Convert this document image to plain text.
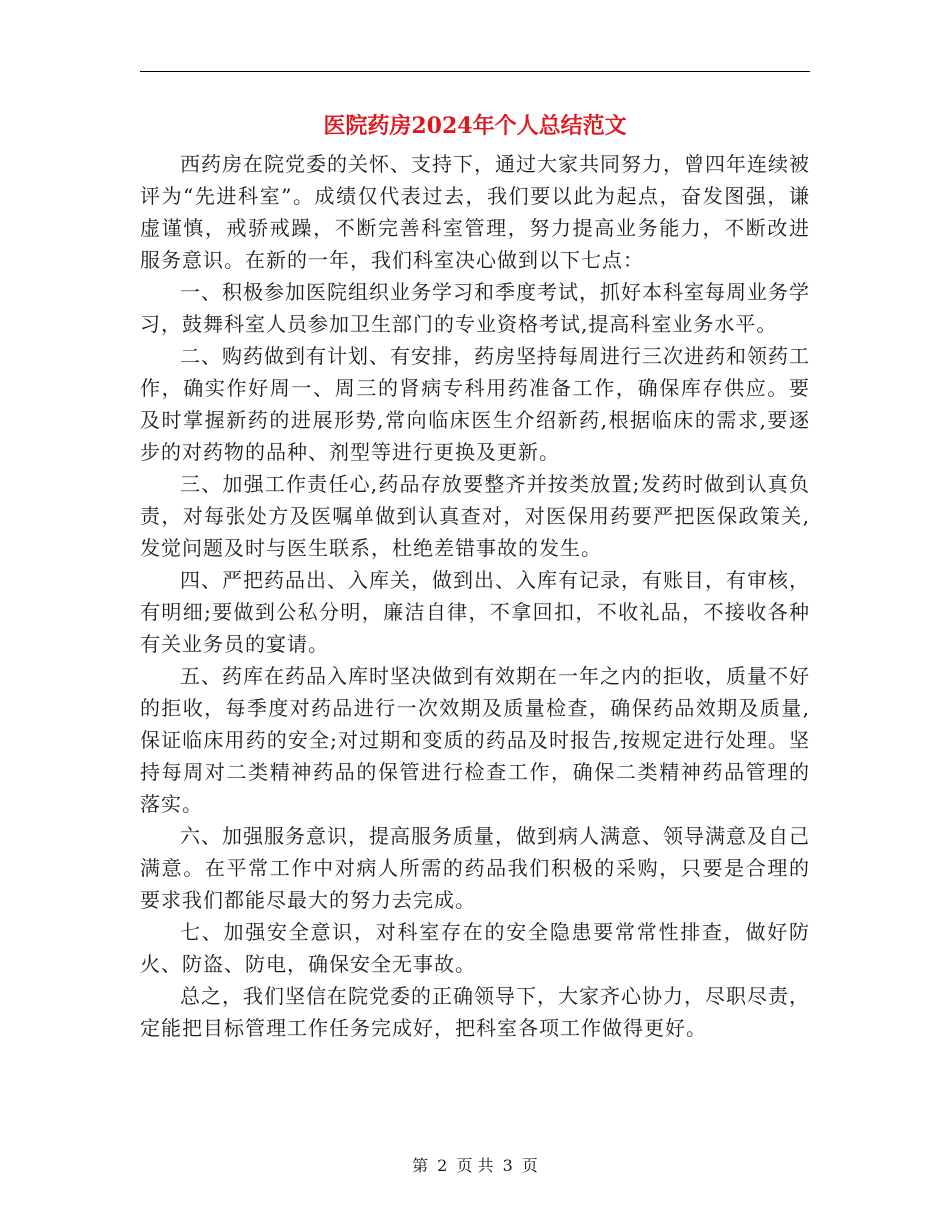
医院药房2024年个人总结范文

西药房在院党委的关怀、支持下，通过大家共同努力，曾四年连续被评为“先进科室”。成绩仅代表过去，我们要以此为起点，奋发图强，谦虚谨慎，戒骄戒躁，不断完善科室管理，努力提高业务能力，不断改进服务意识。在新的一年，我们科室决心做到以下七点：

一、积极参加医院组织业务学习和季度考试，抓好本科室每周业务学习，鼓舞科室人员参加卫生部门的专业资格考试,提高科室业务水平。

二、购药做到有计划、有安排，药房坚持每周进行三次进药和领药工作，确实作好周一、周三的肾病专科用药准备工作，确保库存供应。要及时掌握新药的进展形势,常向临床医生介绍新药,根据临床的需求,要逐步的对药物的品种、剂型等进行更换及更新。

三、加强工作责任心,药品存放要整齐并按类放置;发药时做到认真负责，对每张处方及医嘱单做到认真查对，对医保用药要严把医保政策关,发觉问题及时与医生联系，杜绝差错事故的发生。

四、严把药品出、入库关，做到出、入库有记录，有账目，有审核，有明细;要做到公私分明，廉洁自律，不拿回扣，不收礼品，不接收各种有关业务员的宴请。

五、药库在药品入库时坚决做到有效期在一年之内的拒收，质量不好的拒收，每季度对药品进行一次效期及质量检查，确保药品效期及质量,保证临床用药的安全;对过期和变质的药品及时报告,按规定进行处理。坚持每周对二类精神药品的保管进行检查工作，确保二类精神药品管理的落实。

六、加强服务意识，提高服务质量，做到病人满意、领导满意及自己满意。在平常工作中对病人所需的药品我们积极的采购，只要是合理的要求我们都能尽最大的努力去完成。

七、加强安全意识，对科室存在的安全隐患要常常性排查，做好防火、防盗、防电，确保安全无事故。

总之，我们坚信在院党委的正确领导下，大家齐心协力，尽职尽责，定能把目标管理工作任务完成好，把科室各项工作做得更好。

第 2 页 共 3 页
